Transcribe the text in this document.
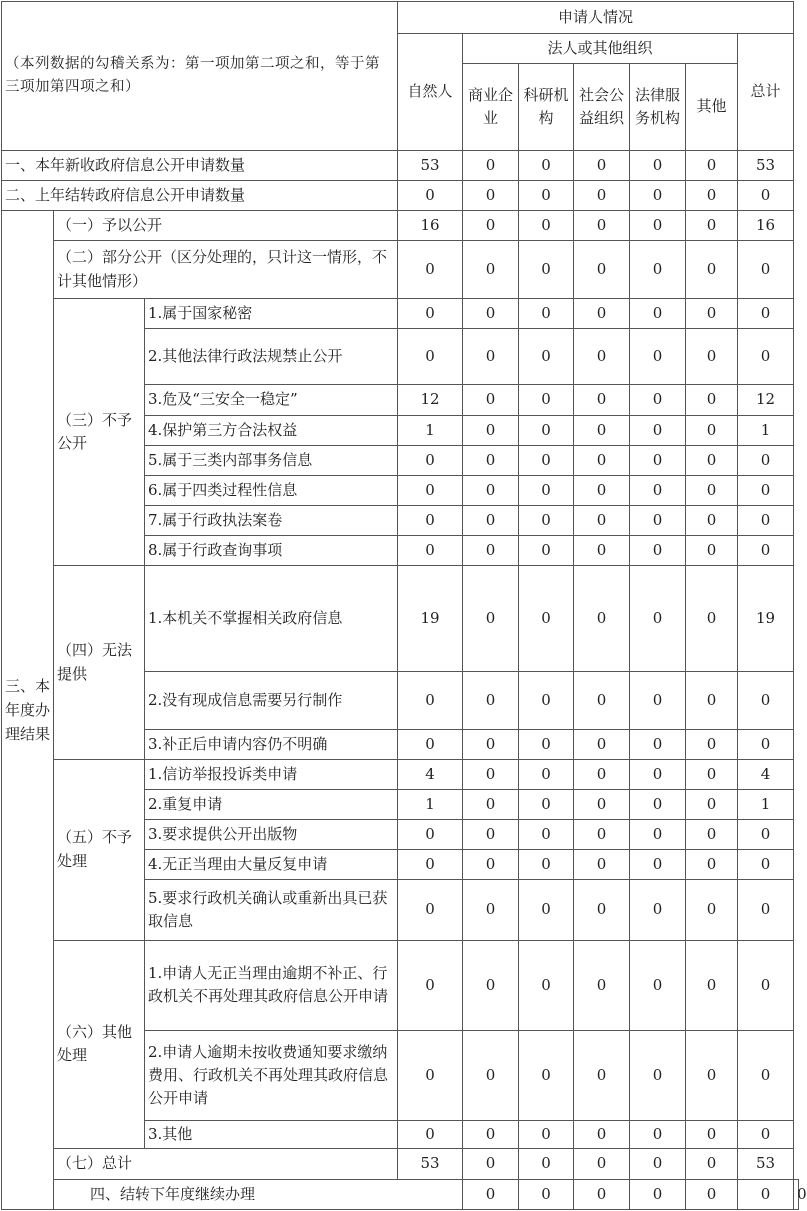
（本列数据的勾稽关系为：第一项加第二项之和，等于第三项加第四项之和）			申请人情况							
			自然人	法人或其他组织					总计	
				商业企业	科研机构	社会公益组织	法律服务机构	其他		
一、本年新收政府信息公开申请数量			53	0	0	0	0	0	53	
二、上年结转政府信息公开申请数量			0	0	0	0	0	0	0	
三、本年度办理结果	（一）予以公开		16	0	0	0	0	0	16	
	（二）部分公开（区分处理的，只计这一情形，不计其他情形）		0	0	0	0	0	0	0	
	（三）不予公开	1.属于国家秘密	0	0	0	0	0	0	0	
		2.其他法律行政法规禁止公开	0	0	0	0	0	0	0	
		3.危及“三安全一稳定”	12	0	0	0	0	0	12	
		4.保护第三方合法权益	1	0	0	0	0	0	1	
		5.属于三类内部事务信息	0	0	0	0	0	0	0	
		6.属于四类过程性信息	0	0	0	0	0	0	0	
		7.属于行政执法案卷	0	0	0	0	0	0	0	
		8.属于行政查询事项	0	0	0	0	0	0	0	
	（四）无法提供	1.本机关不掌握相关政府信息	19	0	0	0	0	0	19	
		2.没有现成信息需要另行制作	0	0	0	0	0	0	0	
		3.补正后申请内容仍不明确	0	0	0	0	0	0	0	
	（五）不予处理	1.信访举报投诉类申请	4	0	0	0	0	0	4	
		2.重复申请	1	0	0	0	0	0	1	
		3.要求提供公开出版物	0	0	0	0	0	0	0	
		4.无正当理由大量反复申请	0	0	0	0	0	0	0	
		5.要求行政机关确认或重新出具已获取信息	0	0	0	0	0	0	0	
	（六）其他处理	1.申请人无正当理由逾期不补正、行政机关不再处理其政府信息公开申请	0	0	0	0	0	0	0	
		2.申请人逾期未按收费通知要求缴纳费用、行政机关不再处理其政府信息公开申请	0	0	0	0	0	0	0	
		3.其他	0	0	0	0	0	0	0	
	（七）总计		53	0	0	0	0	0	53	
	四、结转下年度继续办理			0	0	0	0	0	0	0
